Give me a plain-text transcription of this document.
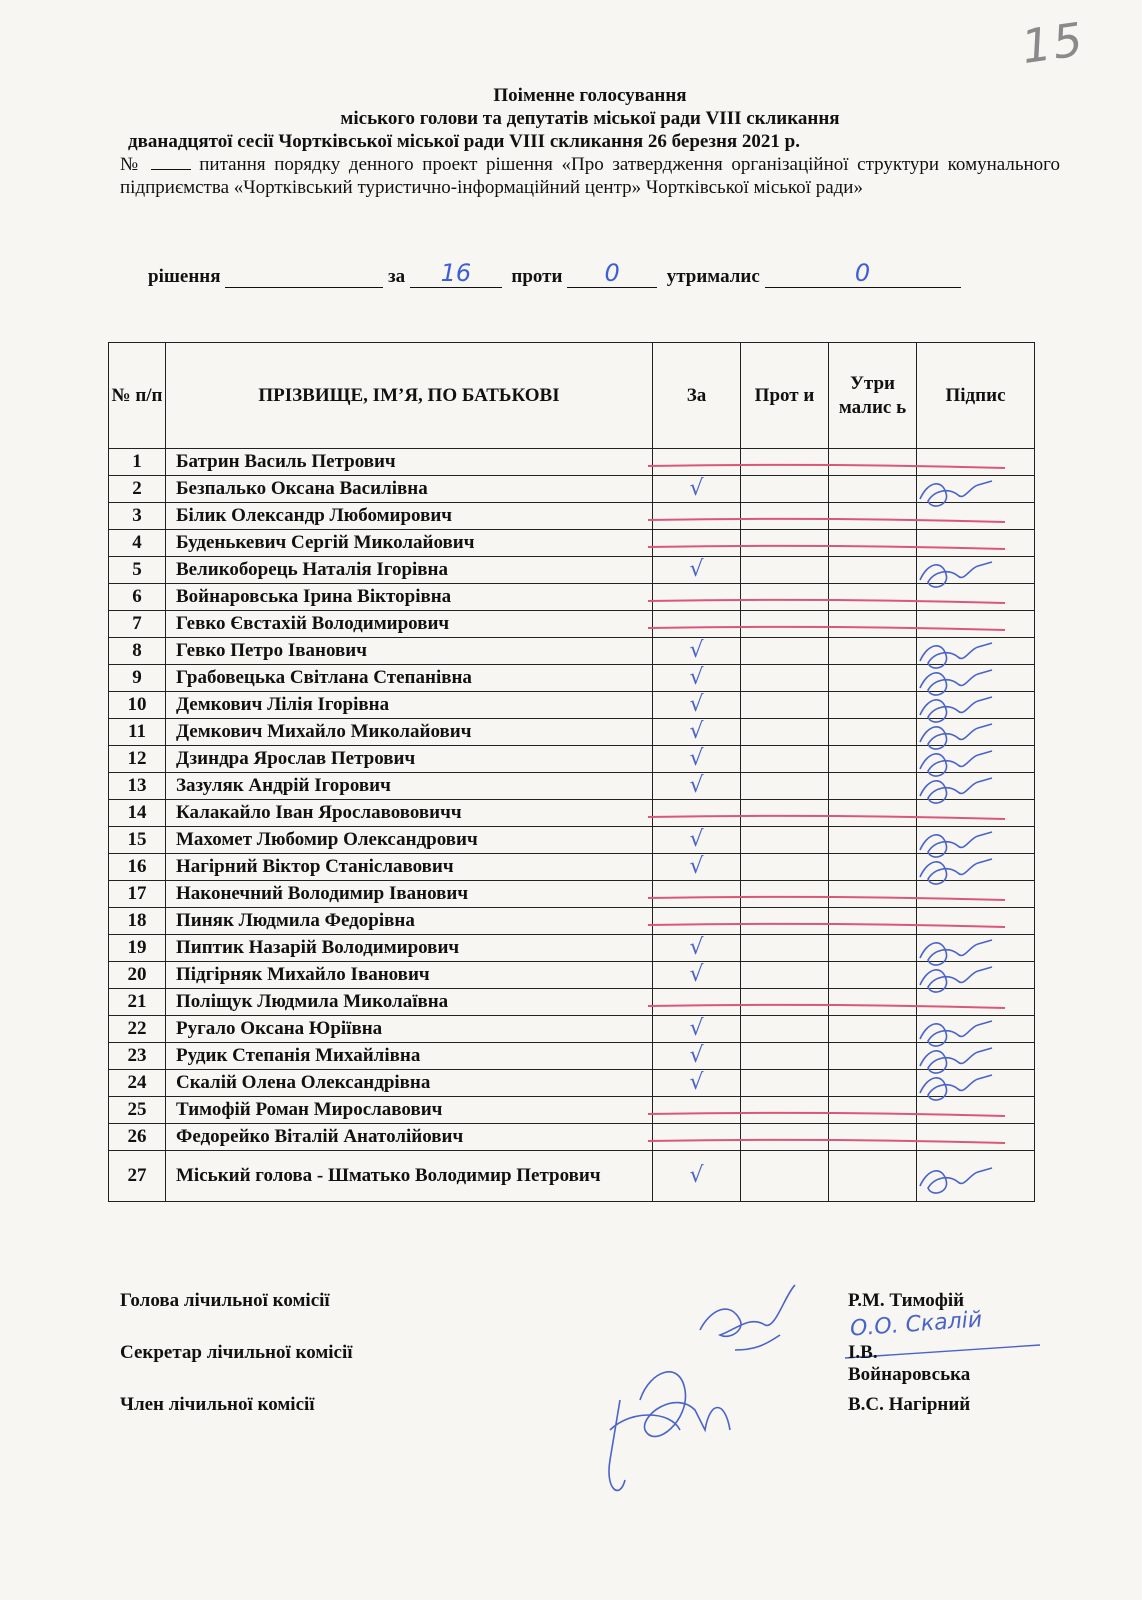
15
Поіменне голосування
міського голови та депутатів міської ради VIII скликання
дванадцятої сесії Чортківської міської ради VIII скликання 26 березня 2021 р.

№	питання порядку денного проект рішення «Про затвердження організаційної структури комунального підприємства «Чортківський туристично-інформаційний центр» Чортківської міської ради»

рішення	за	16	проти	0	утрималис	0
№ п/п	ПРІЗВИЩЕ, ІМ’Я, ПО БАТЬКОВІ	За	Прот и	Утри малис ь	Підпис
1	Батрин Василь Петрович				
2	Безпалько Оксана Василівна	√			
3	Білик Олександр Любомирович				
4	Буденькевич Сергій Миколайович				
5	Великоборець Наталія Ігорівна	√			
6	Войнаровська Ірина Вікторівна				
7	Гевко Євстахій Володимирович				
8	Гевко Петро Іванович	√			
9	Грабовецька Світлана Степанівна	√			
10	Демкович Лілія Ігорівна	√			
11	Демкович Михайло Миколайович	√			
12	Дзиндра Ярослав Петрович	√			
13	Зазуляк Андрій Ігорович	√			
14	Калакайло Іван Ярославововичч				
15	Махомет Любомир Олександрович	√			
16	Нагірний Віктор Станіславович	√			
17	Наконечний Володимир Іванович				
18	Пиняк Людмила Федорівна				
19	Пиптик Назарій Володимирович	√			
20	Підгірняк Михайло Іванович	√			
21	Поліщук Людмила Миколаївна				
22	Ругало Оксана Юріївна	√			
23	Рудик Степанія Михайлівна	√			
24	Скалій Олена Олександрівна	√			
25	Тимофій Роман Мирославович				
26	Федорейко Віталій Анатолійович				
27	Міський голова - Шматько Володимир Петрович	√			
О.О. Скалій
Голова лічильної комісії	Р.М. Тимофій
Секретар лічильної комісії	І.В. Войнаровська
Член лічильної комісії	В.С. Нагірний
